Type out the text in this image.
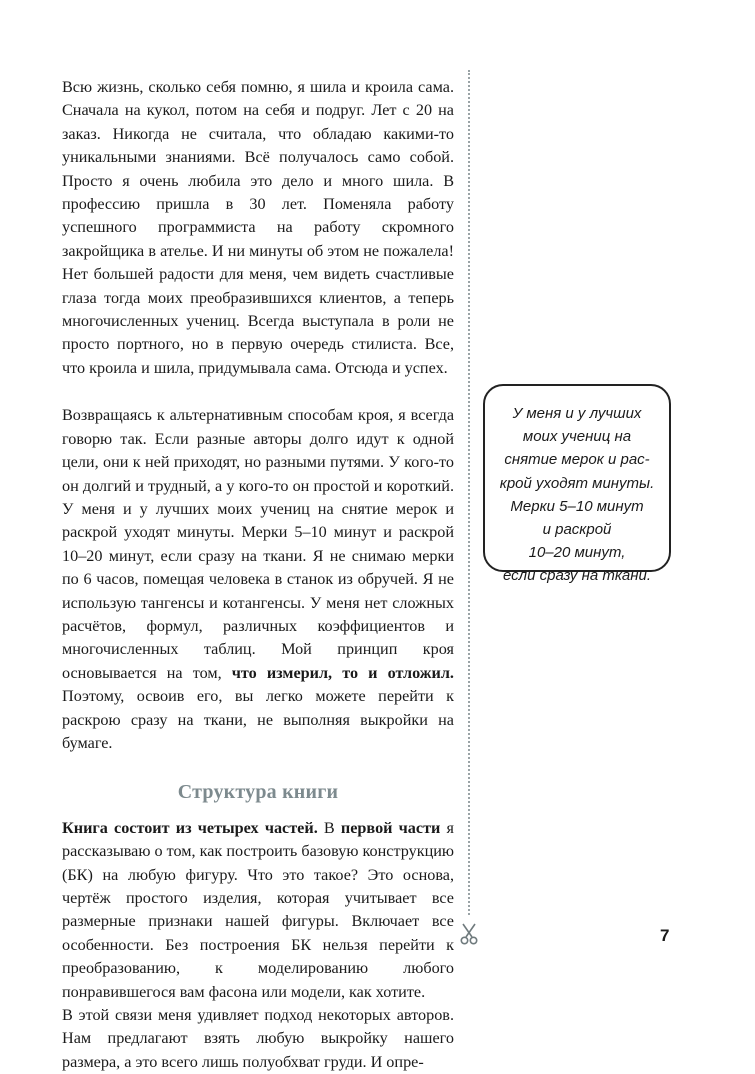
Всю жизнь, сколько себя помню, я шила и кроила сама. Сначала на кукол, потом на себя и подруг. Лет с 20 на заказ. Никогда не считала, что обладаю какими-то уникальными знаниями. Всё получалось само собой. Просто я очень любила это дело и много шила. В профессию пришла в 30 лет. Поменяла работу успешного программиста на работу скромного закройщика в ателье. И ни минуты об этом не пожалела! Нет большей радости для меня, чем видеть счастливые глаза тогда моих преобразившихся клиентов, а теперь многочисленных учениц. Всегда выступала в роли не просто портного, но в первую очередь стилиста. Все, что кроила и шила, придумывала сама. Отсюда и успех.

Возвращаясь к альтернативным способам кроя, я всегда говорю так. Если разные авторы долго идут к одной цели, они к ней приходят, но разными путями. У кого-то он долгий и трудный, а у кого-то он простой и короткий. У меня и у лучших моих учениц на снятие мерок и раскрой уходят минуты. Мерки 5–10 минут и раскрой 10–20 минут, если сразу на ткани. Я не снимаю мерки по 6 часов, помещая человека в станок из обручей. Я не использую тангенсы и котангенсы. У меня нет сложных расчётов, формул, различных коэффициентов и многочисленных таблиц. Мой принцип кроя основывается на том, что измерил, то и отложил. Поэтому, освоив его, вы легко можете перейти к раскрою сразу на ткани, не выполняя выкройки на бумаге.

Структура книги

Книга состоит из четырех частей. В первой части я рассказываю о том, как построить базовую конструкцию (БК) на любую фигуру. Что это такое? Это основа, чертёж простого изделия, которая учитывает все размерные признаки нашей фигуры. Включает все особенности. Без построения БК нельзя перейти к преобразованию, к моделированию любого понравившегося вам фасона или модели, как хотите.

В этой связи меня удивляет подход некоторых авторов. Нам предлагают взять любую выкройку нашего размера, а это всего лишь полуобхват груди. И опре-

У меня и у лучших
моих учениц на
снятие мерок и рас-
крой уходят минуты.
Мерки 5–10 минут
и раскрой
10–20 минут,
если сразу на ткани.
7
